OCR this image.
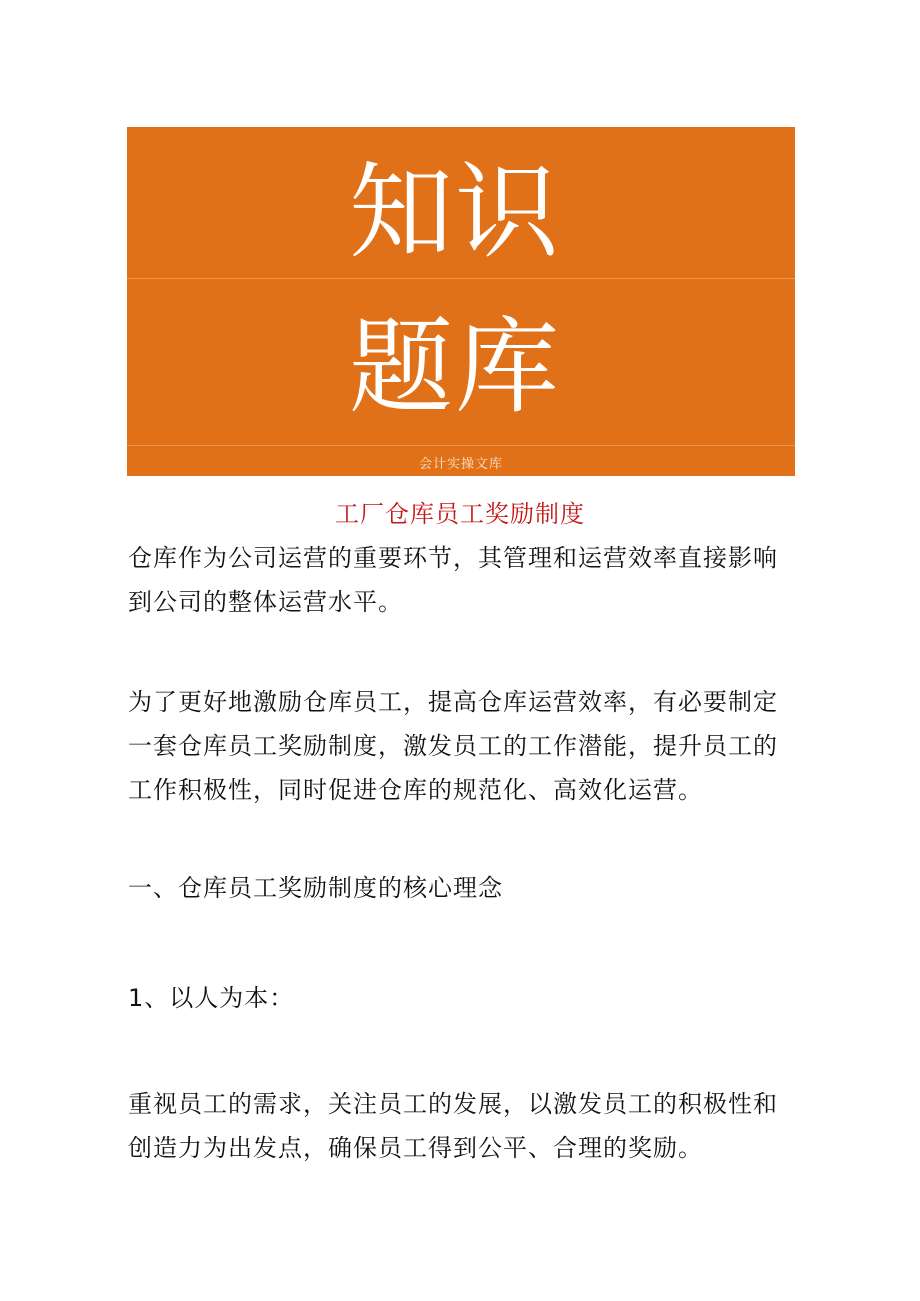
知识
题库
会计实操文库
工厂仓库员工奖励制度

仓库作为公司运营的重要环节，其管理和运营效率直接影响到公司的整体运营水平。

为了更好地激励仓库员工，提高仓库运营效率，有必要制定一套仓库员工奖励制度，激发员工的工作潜能，提升员工的工作积极性，同时促进仓库的规范化、高效化运营。

一、仓库员工奖励制度的核心理念

1、以人为本：

重视员工的需求，关注员工的发展，以激发员工的积极性和创造力为出发点，确保员工得到公平、合理的奖励。
